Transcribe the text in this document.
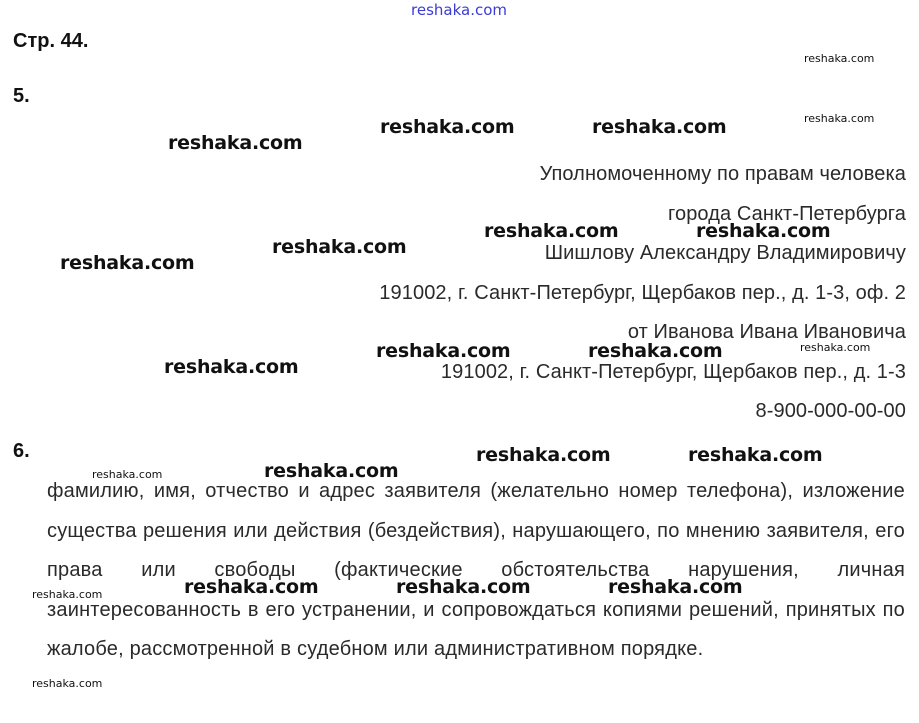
reshaka.com
Стр. 44.
5.
Уполномоченному по правам человека
города Санкт-Петербурга
Шишлову Александру Владимировичу
191002, г. Санкт-Петербург, Щербаков пер., д. 1-3, оф. 2
от Иванова Ивана Ивановича
191002, г. Санкт-Петербург, Щербаков пер., д. 1-3
8-900-000-00-00
6.
фамилию, имя, отчество и адрес заявителя (желательно номер телефона), изложение существа решения или действия (бездействия), нарушающего, по мнению заявителя, его права или свободы (фактические обстоятельства нарушения, личная заинтересованность в его устранении, и сопровождаться копиями решений, принятых по жалобе, рассмотренной в судебном или административном порядке.
reshaka.com
reshaka.com
reshaka.com
reshaka.com	reshaka.com
reshaka.com	reshaka.com
reshaka.com
reshaka.com
reshaka.com	reshaka.com	reshaka.com
reshaka.com
reshaka.com	reshaka.com
reshaka.com
reshaka.com
reshaka.com	reshaka.com	reshaka.com
reshaka.com
reshaka.com
